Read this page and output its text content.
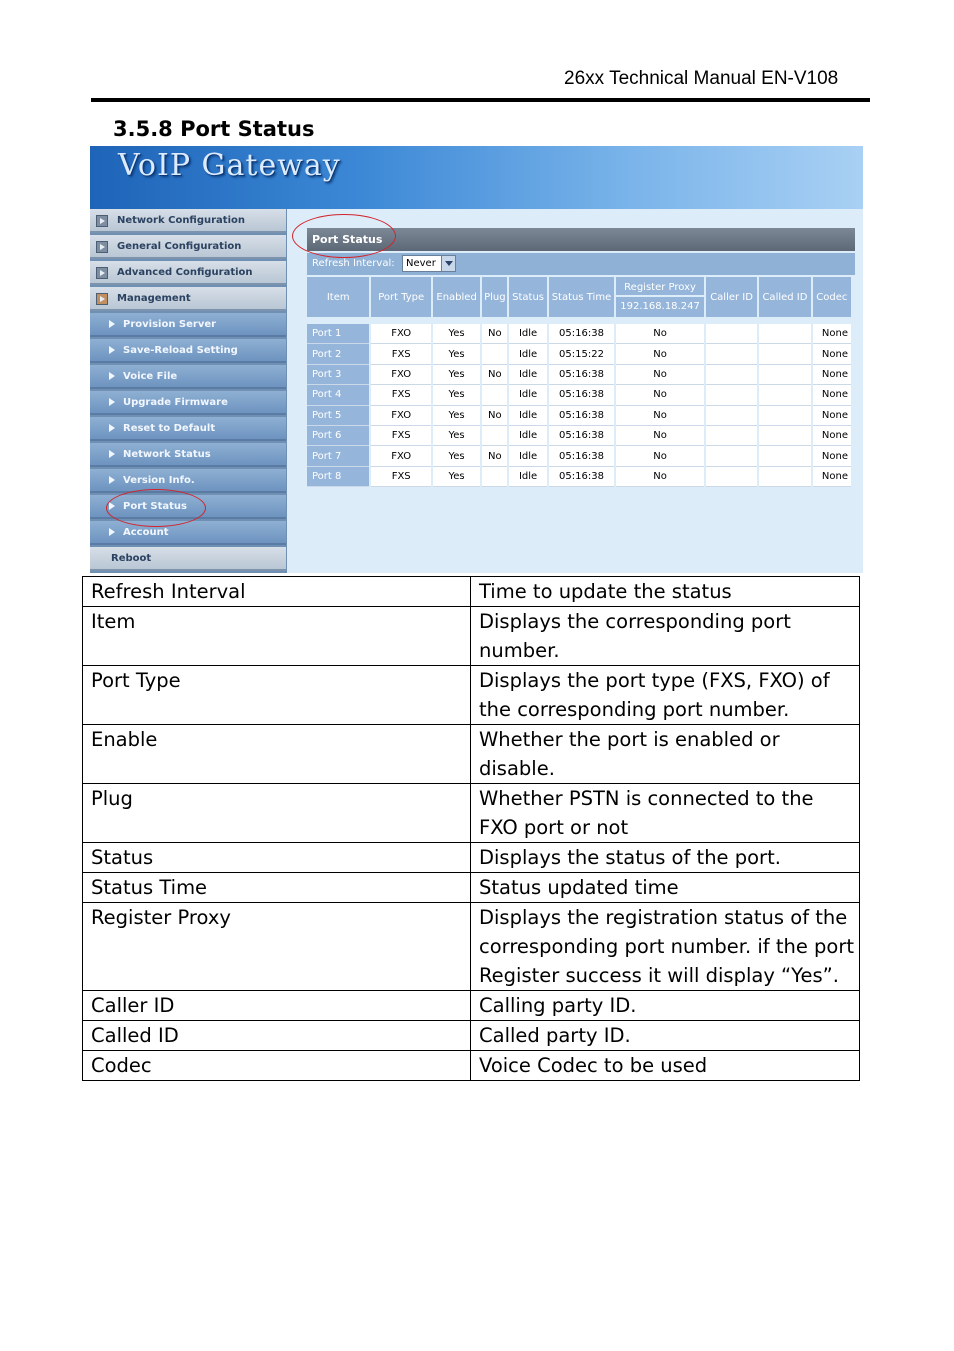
26xx Technical Manual EN-V108
3.5.8 Port Status
VoIP Gateway
Network Configuration
General Configuration
Advanced Configuration
Management
Provision Server
Save-Reload Setting
Voice File
Upgrade Firmware
Reset to Default
Network Status
Version Info.
Port Status
Account
Reboot
Port Status
Refresh Interval:	Never
Item	Port Type	Enabled	Plug	Status	Status Time	Register Proxy
192.168.18.247	Caller ID	Called ID	Codec

Port 1	FXO	Yes	No	Idle	05:16:38	No			None
Port 2	FXS	Yes		Idle	05:15:22	No			None
Port 3	FXO	Yes	No	Idle	05:16:38	No			None
Port 4	FXS	Yes		Idle	05:16:38	No			None
Port 5	FXO	Yes	No	Idle	05:16:38	No			None
Port 6	FXS	Yes		Idle	05:16:38	No			None
Port 7	FXO	Yes	No	Idle	05:16:38	No			None
Port 8	FXS	Yes		Idle	05:16:38	No			None
Refresh Interval	Time to update the status
Item	Displays the corresponding port number.
Port Type	Displays the port type (FXS, FXO) of the corresponding port number.
Enable	Whether the port is enabled or disable.
Plug	Whether PSTN is connected to the FXO port or not
Status	Displays the status of the port.
Status Time	Status updated time
Register Proxy	Displays the registration status of the corresponding port number. if the port Register success it will display “Yes”.
Caller ID	Calling party ID.
Called ID	Called party ID.
Codec	Voice Codec to be used
